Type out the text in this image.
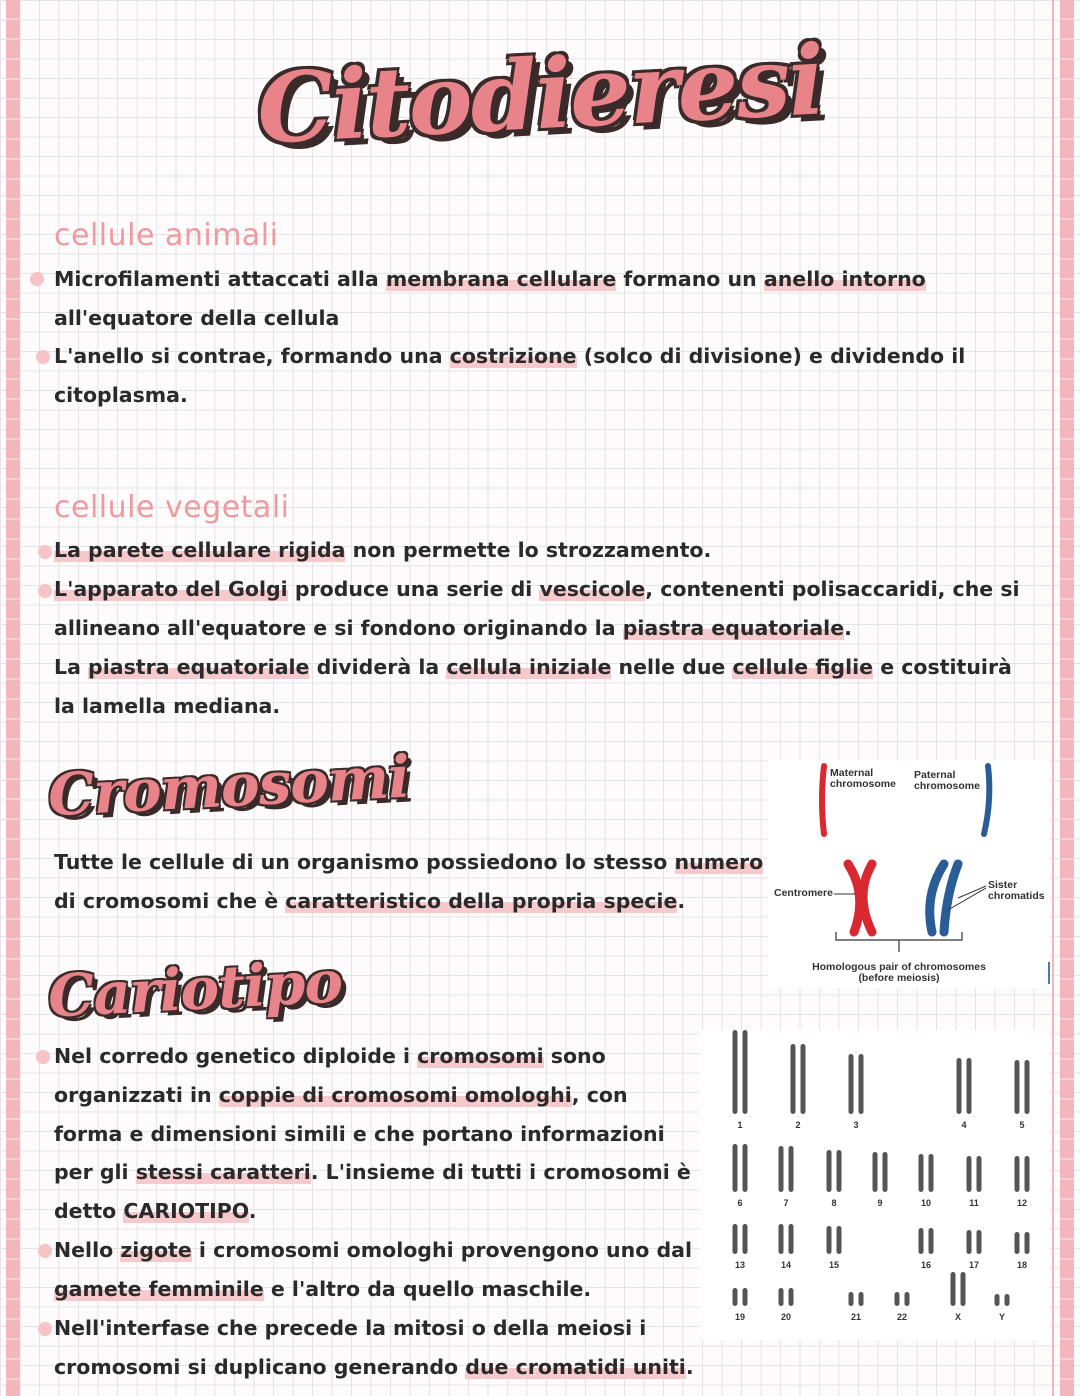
Citodieresi
cellule animali
Microfilamenti attaccati alla membrana cellulare formano un anello intorno all'equatore della cellula
L'anello si contrae, formando una costrizione (solco di divisione) e dividendo il citoplasma.
cellule vegetali
La parete cellulare rigida non permette lo strozzamento.
L'apparato del Golgi produce una serie di vescicole, contenenti polisaccaridi, che si allineano all'equatore e si fondono originando la piastra equatoriale.
La piastra equatoriale dividerà la cellula iniziale nelle due cellule figlie e costituirà la lamella mediana.
Cromosomi
Tutte le cellule di un organismo possiedono lo stesso numero di cromosomi che è caratteristico della propria specie.
Maternal chromosome
Paternal chromosome
Centromere
Sister chromatids
Homologous pair of chromosomes (before meiosis)
Cariotipo
Nel corredo genetico diploide i cromosomi sono organizzati in coppie di cromosomi omologhi, con forma e dimensioni simili e che portano informazioni per gli stessi caratteri. L'insieme di tutti i cromosomi è detto CARIOTIPO.
Nello zigote i cromosomi omologhi provengono uno dal gamete femminile e l'altro da quello maschile.
Nell'interfase che precede la mitosi o della meiosi i cromosomi si duplicano generando due cromatidi uniti.
1	2	3	4	5
6	7	8	9	10	11	12
13	14	15	16	17	18
19	20	21	22	X	Y
